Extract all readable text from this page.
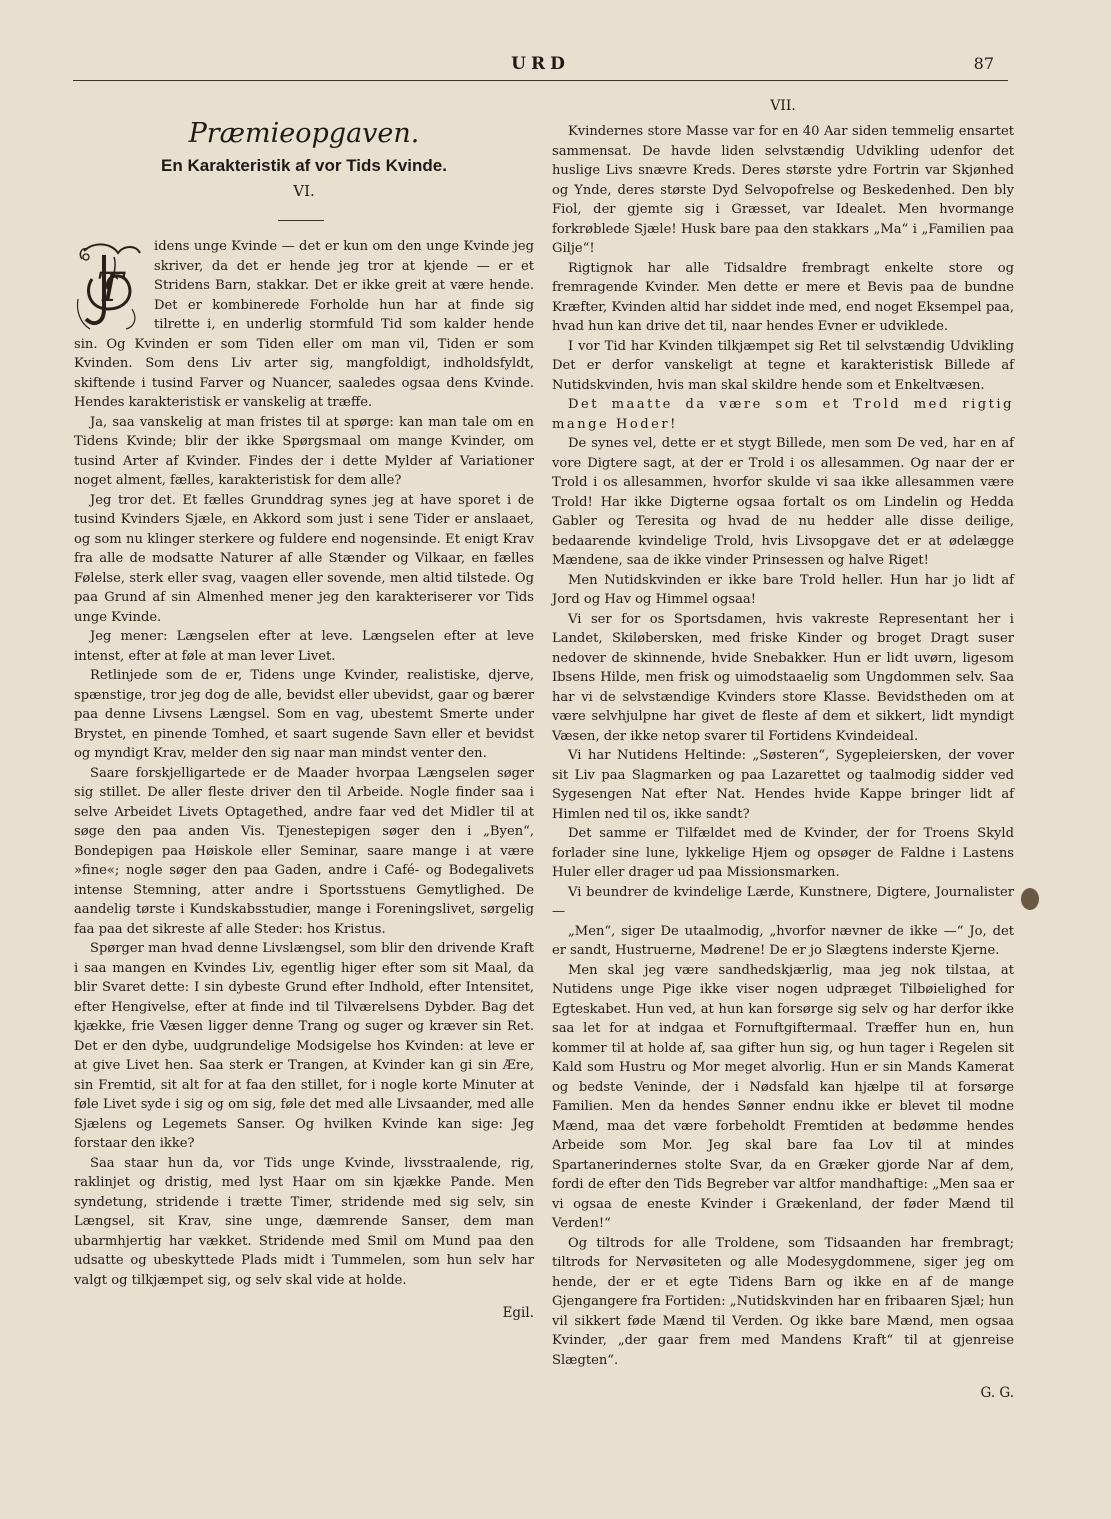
URD	87
Præmieopgaven.
En Karakteristik af vor Tids Kvinde.
VI.

T
idens unge Kvinde — det er kun om den unge Kvinde jeg skriver, da det er hende jeg tror at kjende — er et Stridens Barn, stakkar. Det er ikke greit at være hende. Det er kombinerede Forholde hun har at finde sig tilrette i, en underlig stormfuld Tid som kalder hende sin. Og Kvinden er som Tiden eller om man vil, Tiden er som Kvinden. Som dens Liv arter sig, mangfoldigt, indholdsfyldt, skiftende i tusind Farver og Nuancer, saaledes ogsaa dens Kvinde. Hendes karakteristisk er vanskelig at træffe.

Ja, saa vanskelig at man fristes til at spørge: kan man tale om en Tidens Kvinde; blir der ikke Spørgsmaal om mange Kvinder, om tusind Arter af Kvinder. Findes der i dette Mylder af Variationer noget alment, fælles, karakteristisk for dem alle?

Jeg tror det. Et fælles Grunddrag synes jeg at have sporet i de tusind Kvinders Sjæle, en Akkord som just i sene Tider er anslaaet, og som nu klinger sterkere og fuldere end nogensinde. Et enigt Krav fra alle de modsatte Naturer af alle Stænder og Vilkaar, en fælles Følelse, sterk eller svag, vaagen eller sovende, men altid tilstede. Og paa Grund af sin Almenhed mener jeg den karakteriserer vor Tids unge Kvinde.

Jeg mener: Længselen efter at leve. Længselen efter at leve intenst, efter at føle at man lever Livet.

Retlinjede som de er, Tidens unge Kvinder, realistiske, djerve, spænstige, tror jeg dog de alle, bevidst eller ubevidst, gaar og bærer paa denne Livsens Længsel. Som en vag, ubestemt Smerte under Brystet, en pinende Tomhed, et saart sugende Savn eller et bevidst og myndigt Krav, melder den sig naar man mindst venter den.

Saare forskjelligartede er de Maader hvorpaa Længselen søger sig stillet. De aller fleste driver den til Arbeide. Nogle finder saa i selve Arbeidet Livets Optagethed, andre faar ved det Midler til at søge den paa anden Vis. Tjenestepigen søger den i „Byen“, Bondepigen paa Høiskole eller Seminar, saare mange i at være »fine«; nogle søger den paa Gaden, andre i Café- og Bodegalivets intense Stemning, atter andre i Sportsstuens Gemytlighed. De aandelig tørste i Kundskabsstudier, mange i Foreningslivet, sørgelig faa paa det sikreste af alle Steder: hos Kristus.

Spørger man hvad denne Livslængsel, som blir den drivende Kraft i saa mangen en Kvindes Liv, egentlig higer efter som sit Maal, da blir Svaret dette: I sin dybeste Grund efter Indhold, efter Intensitet, efter Hengivelse, efter at finde ind til Tilværelsens Dybder. Bag det kjække, frie Væsen ligger denne Trang og suger og kræver sin Ret. Det er den dybe, uudgrundelige Modsigelse hos Kvinden: at leve er at give Livet hen. Saa sterk er Trangen, at Kvinder kan gi sin Ære, sin Fremtid, sit alt for at faa den stillet, for i nogle korte Minuter at føle Livet syde i sig og om sig, føle det med alle Livsaander, med alle Sjælens og Legemets Sanser. Og hvilken Kvinde kan sige: Jeg forstaar den ikke?

Saa staar hun da, vor Tids unge Kvinde, livsstraalende, rig, raklinjet og dristig, med lyst Haar om sin kjække Pande. Men syndetung, stridende i trætte Timer, stridende med sig selv, sin Længsel, sit Krav, sine unge, dæmrende Sanser, dem man ubarmhjertig har vækket. Stridende med Smil om Mund paa den udsatte og ubeskyttede Plads midt i Tummelen, som hun selv har valgt og tilkjæmpet sig, og selv skal vide at holde.

Egil.
VII.

Kvindernes store Masse var for en 40 Aar siden temmelig ensartet sammensat. De havde liden selvstændig Udvikling udenfor det huslige Livs snævre Kreds. Deres største ydre Fortrin var Skjønhed og Ynde, deres største Dyd Selvopofrelse og Beskedenhed. Den bly Fiol, der gjemte sig i Græsset, var Idealet. Men hvormange forkrøblede Sjæle! Husk bare paa den stakkars „Ma“ i „Familien paa Gilje“!

Rigtignok har alle Tidsaldre frembragt enkelte store og fremragende Kvinder. Men dette er mere et Bevis paa de bundne Kræfter, Kvinden altid har siddet inde med, end noget Eksempel paa, hvad hun kan drive det til, naar hendes Evner er udviklede.

I vor Tid har Kvinden tilkjæmpet sig Ret til selvstændig Udvikling Det er derfor vanskeligt at tegne et karakteristisk Billede af Nutidskvinden, hvis man skal skildre hende som et Enkeltvæsen.

Det maatte da være som et Trold med rigtig mange Hoder!

De synes vel, dette er et stygt Billede, men som De ved, har en af vore Digtere sagt, at der er Trold i os allesammen. Og naar der er Trold i os allesammen, hvorfor skulde vi saa ikke allesammen være Trold! Har ikke Digterne ogsaa fortalt os om Lindelin og Hedda Gabler og Teresita og hvad de nu hedder alle disse deilige, bedaarende kvindelige Trold, hvis Livsopgave det er at ødelægge Mændene, saa de ikke vinder Prinsessen og halve Riget!

Men Nutidskvinden er ikke bare Trold heller. Hun har jo lidt af Jord og Hav og Himmel ogsaa!

Vi ser for os Sportsdamen, hvis vakreste Representant her i Landet, Skiløbersken, med friske Kinder og broget Dragt suser nedover de skinnende, hvide Snebakker. Hun er lidt uvørn, ligesom Ibsens Hilde, men frisk og uimodstaaelig som Ungdommen selv. Saa har vi de selvstændige Kvinders store Klasse. Bevidstheden om at være selvhjulpne har givet de fleste af dem et sikkert, lidt myndigt Væsen, der ikke netop svarer til Fortidens Kvindeideal.

Vi har Nutidens Heltinde: „Søsteren“, Sygepleiersken, der vover sit Liv paa Slagmarken og paa Lazarettet og taalmodig sidder ved Sygesengen Nat efter Nat. Hendes hvide Kappe bringer lidt af Himlen ned til os, ikke sandt?

Det samme er Tilfældet med de Kvinder, der for Troens Skyld forlader sine lune, lykkelige Hjem og opsøger de Faldne i Lastens Huler eller drager ud paa Missionsmarken.

Vi beundrer de kvindelige Lærde, Kunstnere, Digtere, Journalister —

„Men“, siger De utaalmodig, „hvorfor nævner de ikke —“ Jo, det er sandt, Hustruerne, Mødrene! De er jo Slægtens inderste Kjerne.

Men skal jeg være sandhedskjærlig, maa jeg nok tilstaa, at Nutidens unge Pige ikke viser nogen udpræget Tilbøielighed for Egteskabet. Hun ved, at hun kan forsørge sig selv og har derfor ikke saa let for at indgaa et Fornuftgiftermaal. Træffer hun en, hun kommer til at holde af, saa gifter hun sig, og hun tager i Regelen sit Kald som Hustru og Mor meget alvorlig. Hun er sin Mands Kamerat og bedste Veninde, der i Nødsfald kan hjælpe til at forsørge Familien. Men da hendes Sønner endnu ikke er blevet til modne Mænd, maa det være forbeholdt Fremtiden at bedømme hendes Arbeide som Mor. Jeg skal bare faa Lov til at mindes Spartanerindernes stolte Svar, da en Græker gjorde Nar af dem, fordi de efter den Tids Begreber var altfor mandhaftige: „Men saa er vi ogsaa de eneste Kvinder i Grækenland, der føder Mænd til Verden!“

Og tiltrods for alle Troldene, som Tidsaanden har frembragt; tiltrods for Nervøsiteten og alle Modesygdommene, siger jeg om hende, der er et egte Tidens Barn og ikke en af de mange Gjengangere fra Fortiden: „Nutidskvinden har en fribaaren Sjæl; hun vil sikkert føde Mænd til Verden. Og ikke bare Mænd, men ogsaa Kvinder, „der gaar frem med Mandens Kraft“ til at gjenreise Slægten“.

G. G.
